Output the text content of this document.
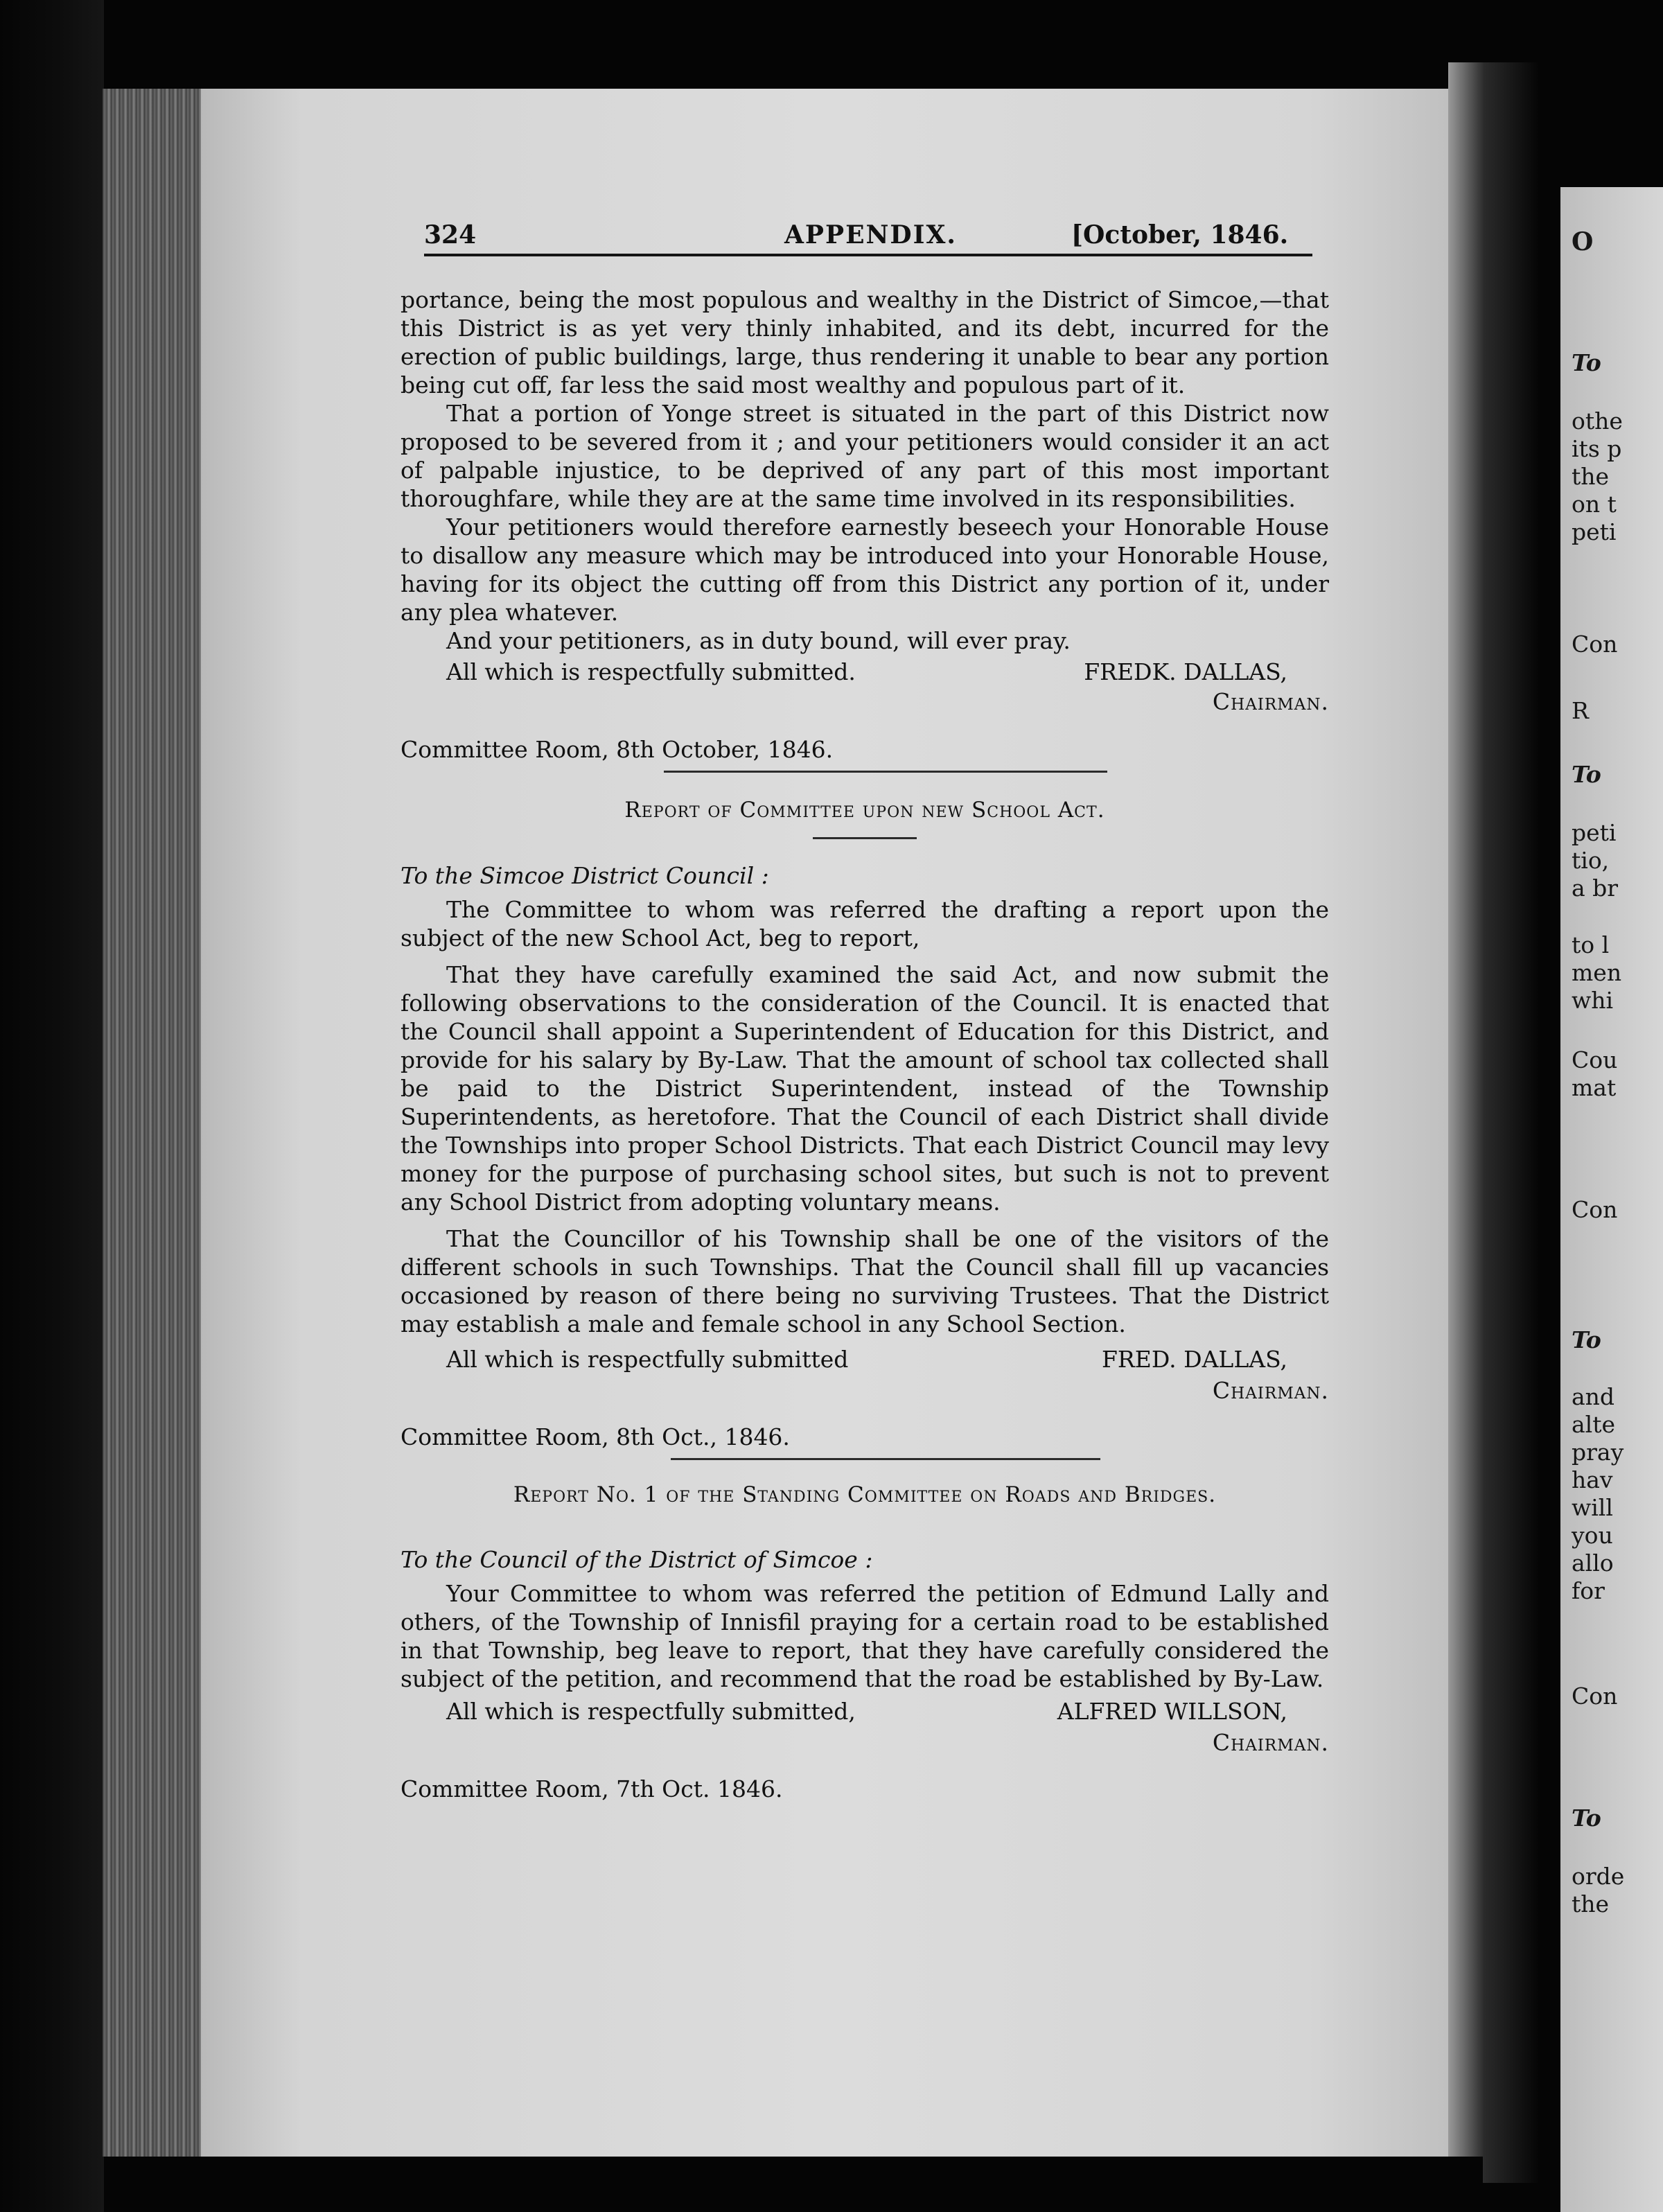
O
To
othe
its p
the
on t
peti
Con
R
To
peti
tio,
a br
to l
men
whi
Cou
mat
Con
To
and
alte
pray
hav
will
you
allo
for
Con
To
orde
the
324	APPENDIX.	[October, 1846.

portance, being the most populous and wealthy in the District of Simcoe,—that this District is as yet very thinly inhabited, and its debt, incurred for the erection of public buildings, large, thus rendering it unable to bear any portion being cut off, far less the said most wealthy and populous part of it.

That a portion of Yonge street is situated in the part of this District now proposed to be severed from it ; and your petitioners would consider it an act of palpable injustice, to be deprived of any part of this most important thoroughfare, while they are at the same time involved in its responsibilities.

Your petitioners would therefore earnestly beseech your Honorable House to disallow any measure which may be introduced into your Honorable House, having for its object the cutting off from this District any portion of it, under any plea whatever.

And your petitioners, as in duty bound, will ever pray.

All which is respectfully submitted.	FREDK. DALLAS,
Chairman.
Committee Room, 8th October, 1846.
Report of Committee upon new School Act.
To the Simcoe District Council :

The Committee to whom was referred the drafting a report upon the subject of the new School Act, beg to report,

That they have carefully examined the said Act, and now submit the following observations to the consideration of the Council. It is enacted that the Council shall appoint a Superintendent of Education for this District, and provide for his salary by By-Law. That the amount of school tax collected shall be paid to the District Superintendent, instead of the Township Superintendents, as heretofore. That the Council of each District shall divide the Townships into proper School Districts. That each District Council may levy money for the purpose of purchasing school sites, but such is not to prevent any School District from adopting voluntary means.

That the Councillor of his Township shall be one of the visitors of the different schools in such Townships. That the Council shall fill up vacancies occasioned by reason of there being no surviving Trustees. That the District may establish a male and female school in any School Section.

All which is respectfully submitted	FRED. DALLAS,
Chairman.
Committee Room, 8th Oct., 1846.
Report No. 1 of the Standing Committee on Roads and Bridges.
To the Council of the District of Simcoe :

Your Committee to whom was referred the petition of Edmund Lally and others, of the Township of Innisfil praying for a certain road to be established in that Township, beg leave to report, that they have carefully considered the subject of the petition, and recommend that the road be established by By-Law.

All which is respectfully submitted,	ALFRED WILLSON,
Chairman.
Committee Room, 7th Oct. 1846.
